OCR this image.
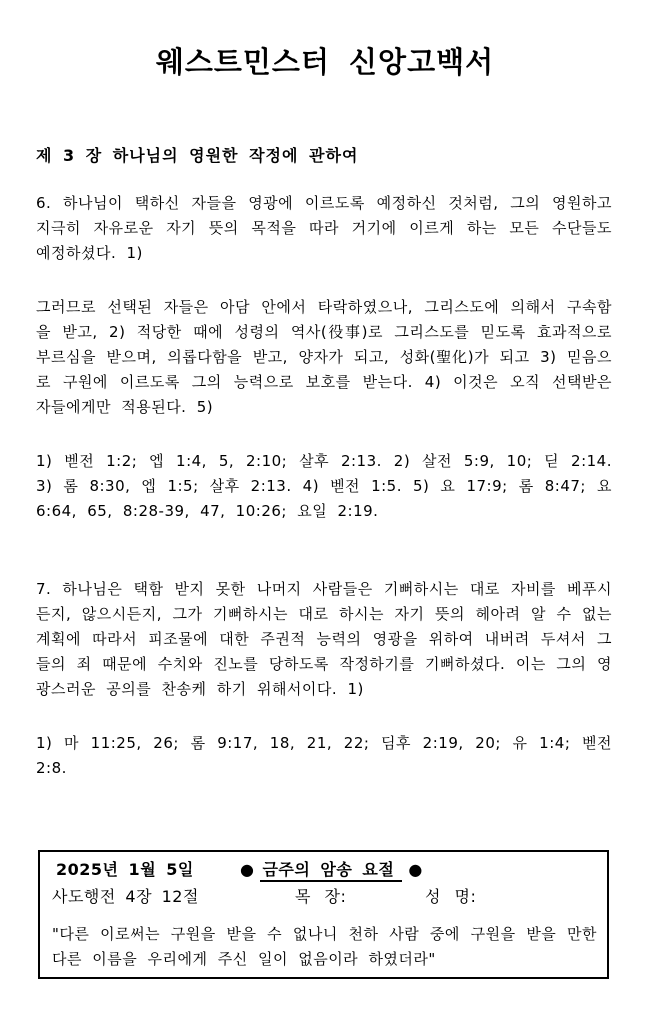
웨스트민스터 신앙고백서
제 3 장 하나님의 영원한 작정에 관하여

6. 하나님이 택하신 자들을 영광에 이르도록 예정하신 것처럼, 그의 영원하고 지극히 자유로운 자기 뜻의 목적을 따라 거기에 이르게 하는 모든 수단들도 예정하셨다. 1)

그러므로 선택된 자들은 아담 안에서 타락하였으나, 그리스도에 의해서 구속함을 받고, 2) 적당한 때에 성령의 역사(役事)로 그리스도를 믿도록 효과적으로 부르심을 받으며, 의롭다함을 받고, 양자가 되고, 성화(聖化)가 되고 3) 믿음으로 구원에 이르도록 그의 능력으로 보호를 받는다. 4) 이것은 오직 선택받은 자들에게만 적용된다. 5)

1) 벧전 1:2; 엡 1:4, 5, 2:10; 살후 2:13. 2) 살전 5:9, 10; 딛 2:14. 3) 롬 8:30, 엡 1:5; 살후 2:13. 4) 벧전 1:5. 5) 요 17:9; 롬 8:47; 요 6:64, 65, 8:28-39, 47, 10:26; 요일 2:19.

7. 하나님은 택함 받지 못한 나머지 사람들은 기뻐하시는 대로 자비를 베푸시든지, 않으시든지, 그가 기뻐하시는 대로 하시는 자기 뜻의 헤아려 알 수 없는 계획에 따라서 피조물에 대한 주권적 능력의 영광을 위하여 내버려 두셔서 그들의 죄 때문에 수치와 진노를 당하도록 작정하기를 기뻐하셨다. 이는 그의 영광스러운 공의를 찬송케 하기 위해서이다. 1)

1) 마 11:25, 26; 롬 9:17, 18, 21, 22; 딤후 2:19, 20; 유 1:4; 벧전 2:8.

2025년 1월 5일	● 금주의 암송 요절 ●
사도행전 4장 12절	목 장:	성 명:

"다른 이로써는 구원을 받을 수 없나니 천하 사람 중에 구원을 받을 만한 다른 이름을 우리에게 주신 일이 없음이라 하였더라"
